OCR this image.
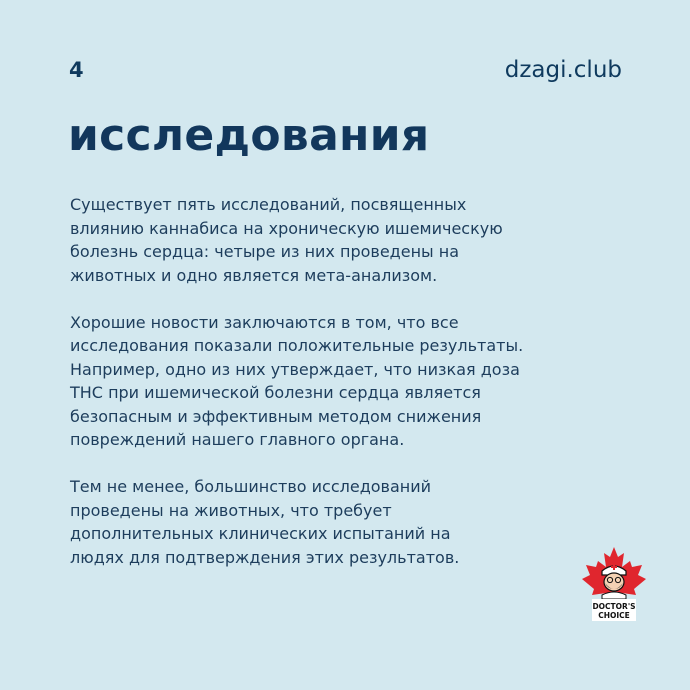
4	dzagi.club
исследования

Существует пять исследований, посвященных
влиянию каннабиса на хроническую ишемическую
болезнь сердца: четыре из них проведены на
животных и одно является мета-анализом.

Хорошие новости заключаются в том, что все
исследования показали положительные результаты.
Например, одно из них утверждает, что низкая доза
THC при ишемической болезни сердца является
безопасным и эффективным методом снижения
повреждений нашего главного органа.

Тем не менее, большинство исследований
проведены на животных, что требует
дополнительных клинических испытаний на
людях для подтверждения этих результатов.

DOCTOR'S
CHOICE
